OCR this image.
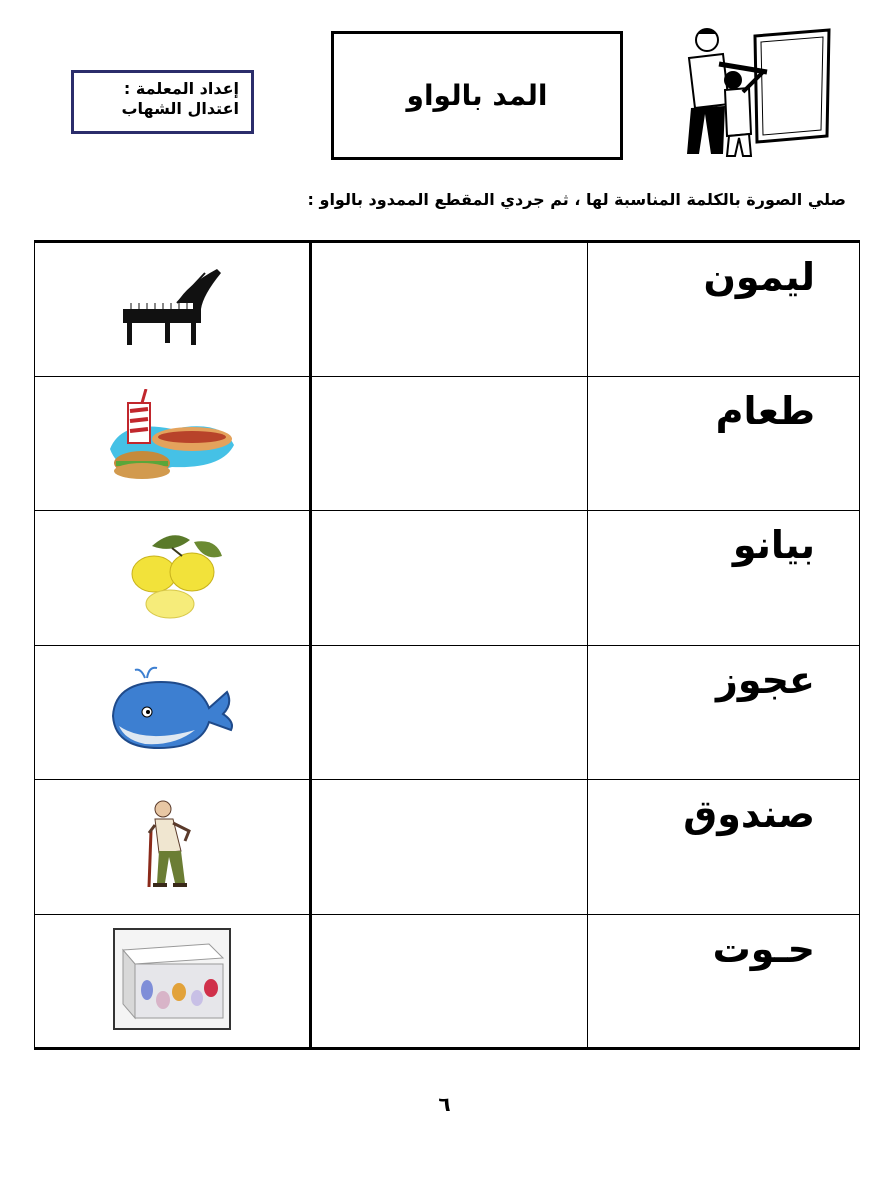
إعداد المعلمة :
اعتدال الشهاب	المد بالواو
صلي الصورة بالكلمة المناسبة لها ، ثم جردي المقطع الممدود بالواو :
		ليمون
		طعام
		بيانو
		عجوز
		صندوق
		حـوت
٦
